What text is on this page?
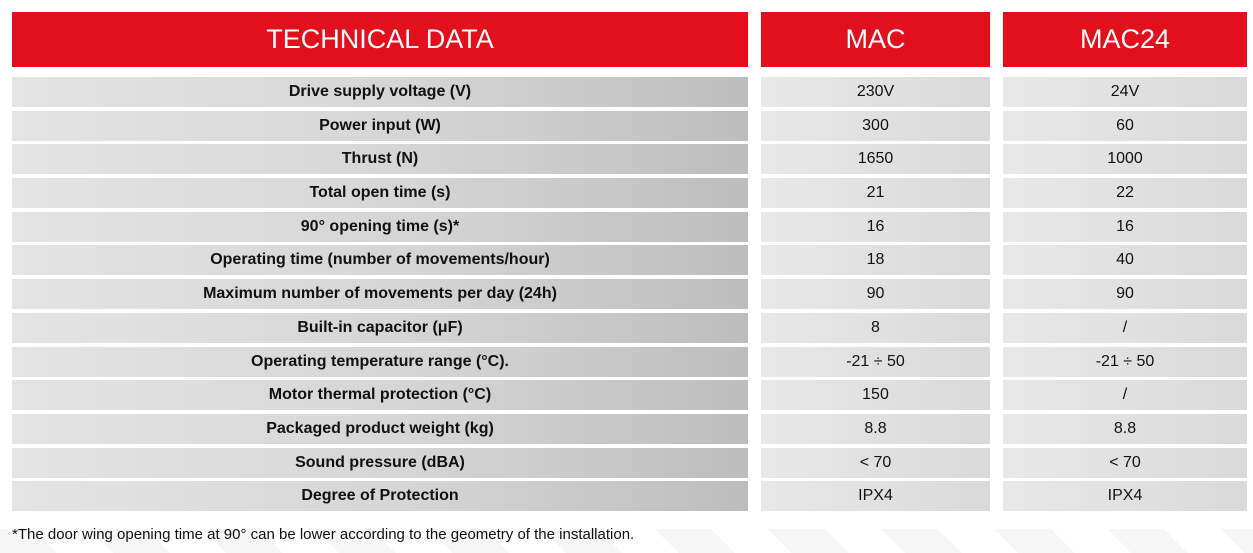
TECHNICAL DATA	MAC	MAC24
Drive supply voltage (V)	230V	24V
Power input (W)	300	60
Thrust (N)	1650	1000
Total open time (s)	21	22
90° opening time (s)*	16	16
Operating time (number of movements/hour)	18	40
Maximum number of movements per day (24h)	90	90
Built-in capacitor (μF)	8	/
Operating temperature range (°C).	-21 ÷ 50	-21 ÷ 50
Motor thermal protection (°C)	150	/
Packaged product weight (kg)	8.8	8.8
Sound pressure (dBA)	< 70	< 70
Degree of Protection	IPX4	IPX4
*The door wing opening time at 90° can be lower according to the geometry of the installation.
